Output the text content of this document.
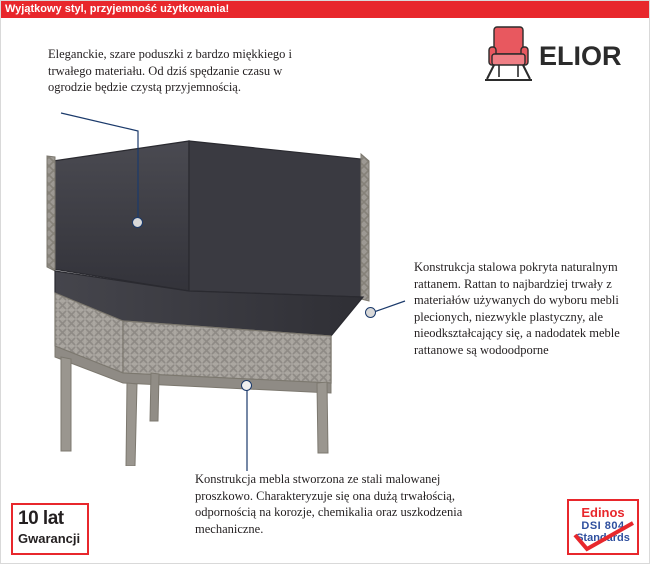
Wyjątkowy styl, przyjemność użytkowania!
ELIOR
Eleganckie, szare poduszki z bardzo miękkiego i trwałego materiału. Od dziś spędzanie czasu w ogrodzie będzie czystą przyjemnością.
Konstrukcja stalowa pokryta naturalnym rattanem. Rattan to najbardziej trwały z materiałów używanych do wyboru mebli plecionych, niezwykle plastyczny, ale nieodkształcający się, a nadodatek meble rattanowe są wodoodporne
Konstrukcja mebla stworzona ze stali malowanej proszkowo. Charakteryzuje się ona dużą trwałością, odpornością na korozje, chemikalia oraz uszkodzenia mechaniczne.
10 lat
Gwarancji
Edinos
DSI 804
Standards
